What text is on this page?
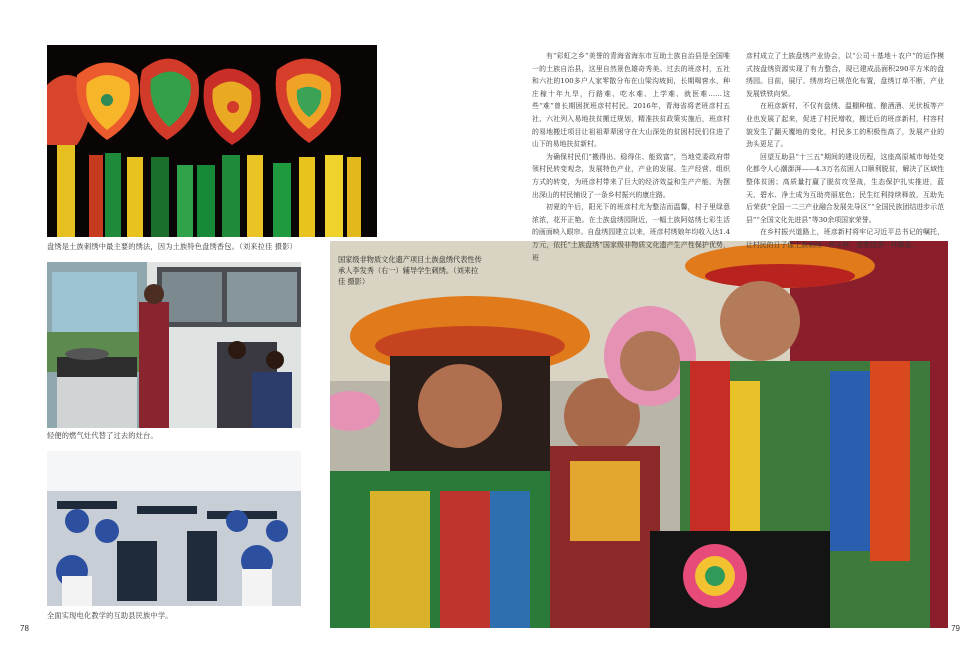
盘绣是土族刺绣中最主要的绣法，因为土族特色盘绣香包。（刘来拉佳 摄影）
轻便的燃气灶代替了过去的灶台。
全面实现电化教学的互助县民族中学。
国家级非物质文化遗产项目土族盘绣代表性传承人李发秀（右一）辅导学生刺绣。（刘来拉佳 摄影）

有“彩虹之乡”美誉的青海省海东市互助土族自治县是全国唯一的土族自治县，这里自然景色雄奇秀美。过去的班彦村，五社和六社的100多户人家零散分布在山梁沟坡间，长期喝窖水，种庄稼十年九旱，行路难、吃水难、上学难、就医难……这些“难”曾长期困扰班彦村村民。2016年，青海省将老班彦村五社、六社列入易地扶贫搬迁规划，精准扶贫政策实施后，班彦村的易地搬迁项目让祖祖辈辈困守在大山深处的贫困村民们住进了山下的易地扶贫新村。

为确保村民们“搬得出、稳得住、能致富”，当地党委政府带领村民转变观念，发展特色产业，产业的发展、生产经营、组织方式的转变，为班彦村带来了巨大的经济效益和生产产能，为摆出深山的村民铺设了一条乡村振兴的康庄路。

初夏的午后，阳光下的班彦村尤为整洁而温馨，村子里绿意浓浓，花开正艳。在土族盘绣园附近，一幅土族阿姑绣七彩生活的画面映入眼帘。自盘绣园建立以来，班彦村绣娘年均收入达1.4万元，依托“土族盘绣”国家级非物质文化遗产生产性保护优势，班

彦村成立了土族盘绣产业协会，以“公司＋基地＋农户”的运作模式按盘绣资源实现了有力整合，现已建成品面积290平方米的盘绣园。目前，展厅、绣房均已规范化布置，盘绣订单不断，产业发展铁铁向荣。

在班彦新村，不仅有盘绣、温棚种植、酿酒酒、光伏板等产业也发展了起来，促进了村民增收，搬迁后的班彦新村，村容村貌发生了翻天覆地的变化，村民多工的积极性高了，发展产业的劲头更足了。

回望互助县“十三五”期间的建设历程，这座高原城市每处变化都令人心潮澎湃——4.3万名贫困人口顺利脱贫，解决了区域性整体贫困；高质量打赢了脱贫攻坚战，生态保护扎实推进，蓝天、碧水、净土成为互助亮丽底色；民生红利持续释放，互助先后荣获“全国一二三产业融合发展先导区”“全国民族团结进步示范县”“全国文化先进县”等30余项国家荣誉。

在乡村振兴道路上，班彦新村将牢记习近平总书记的嘱托，让村民的日子像土族刺绣一样光鲜、像酩馏酒一样飘香。

78	79
